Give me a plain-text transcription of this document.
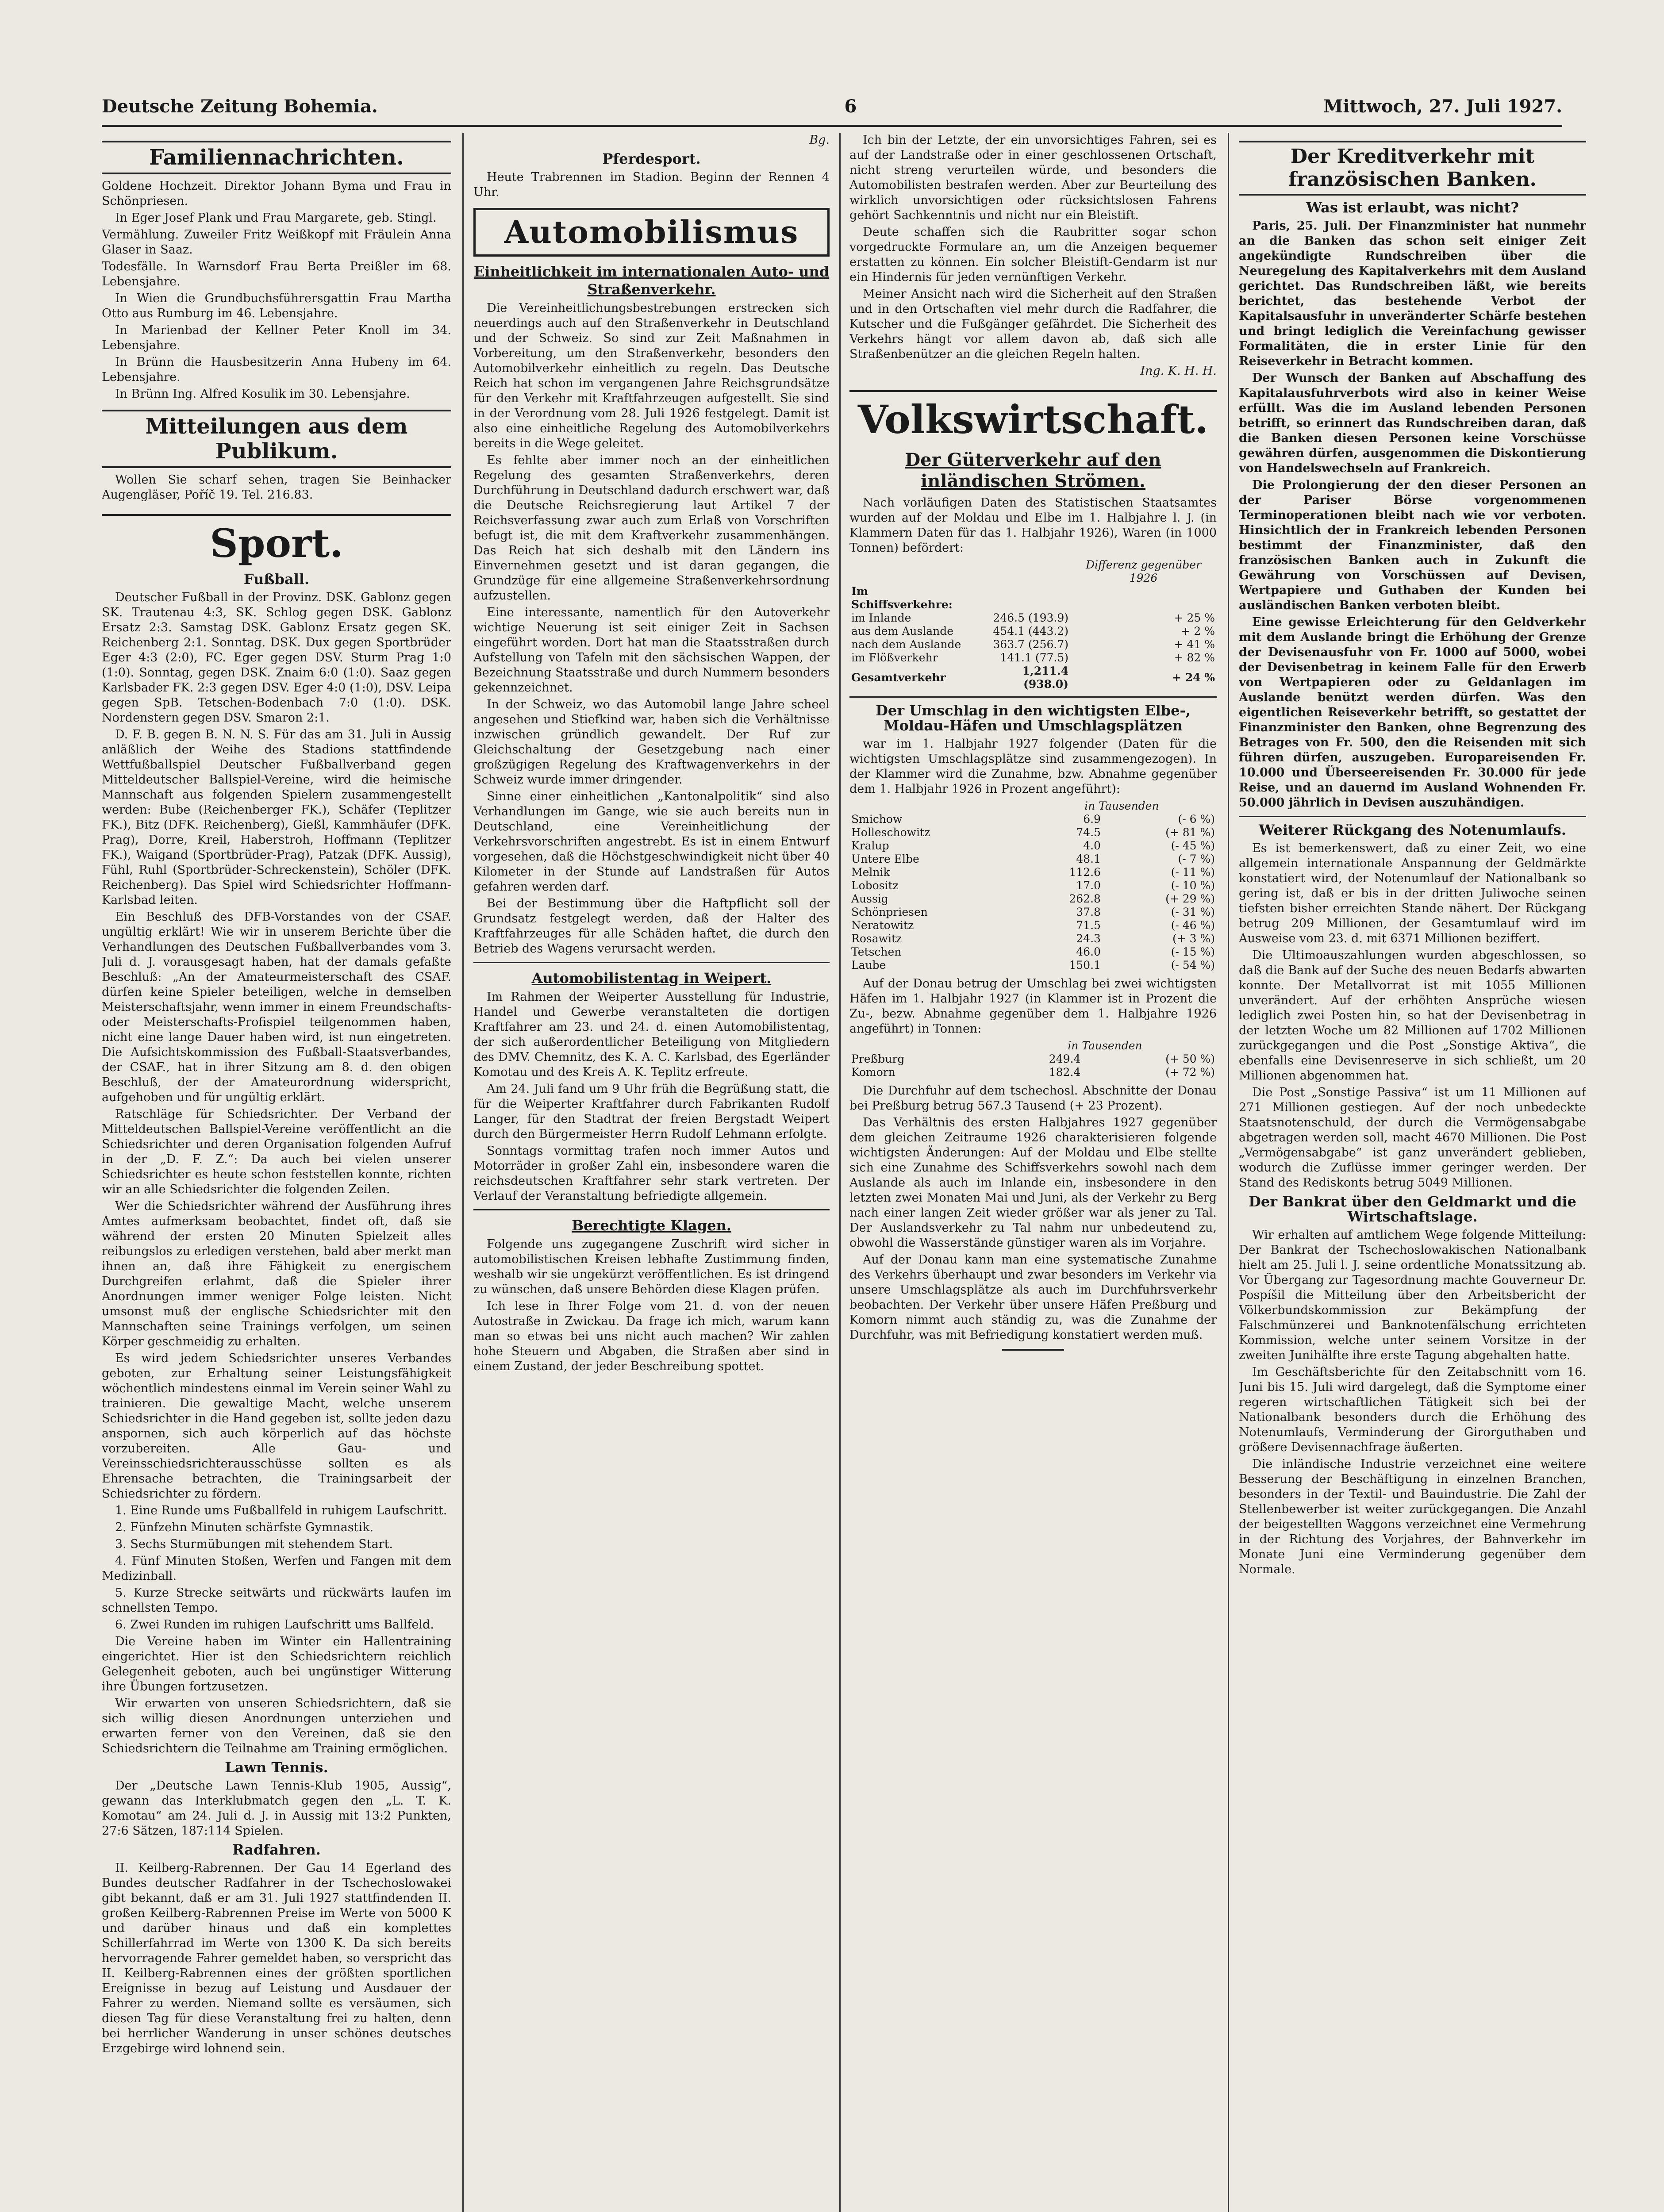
Deutsche Zeitung Bohemia.	6	Mittwoch, 27. Juli 1927.
Familiennachrichten.

Goldene Hochzeit. Direktor Johann Byma und Frau in Schönpriesen.

In Eger Josef Plank und Frau Margarete, geb. Stingl.

Vermählung. Zuweiler Fritz Weißkopf mit Fräulein Anna Glaser in Saaz.

Todesfälle. In Warnsdorf Frau Berta Preißler im 68. Lebensjahre.

In Wien die Grundbuchsführersgattin Frau Martha Otto aus Rumburg im 46. Lebensjahre.

In Marienbad der Kellner Peter Knoll im 34. Lebensjahre.

In Brünn die Hausbesitzerin Anna Hubeny im 64. Lebensjahre.

In Brünn Ing. Alfred Kosulik im 30. Lebensjahre.

Mitteilungen aus dem Publikum.

Wollen Sie scharf sehen, tragen Sie Beinhacker Augengläser, Poříč 19. Tel. 216.83.

Sport.
Fußball.

Deutscher Fußball in der Provinz. DSK. Gablonz gegen SK. Trautenau 4:3, SK. Schlog gegen DSK. Gablonz Ersatz 2:3. Samstag DSK. Gablonz Ersatz gegen SK. Reichenberg 2:1. Sonntag. DSK. Dux gegen Sportbrüder Eger 4:3 (2:0), FC. Eger gegen DSV. Sturm Prag 1:0 (1:0). Sonntag, gegen DSK. Znaim 6:0 (1:0). Saaz gegen Karlsbader FK. 2:3 gegen DSV. Eger 4:0 (1:0), DSV. Leipa gegen SpB. Tetschen-Bodenbach 7:0 (1:0). DSK. Nordenstern gegen DSV. Smaron 2:1.

D. F. B. gegen B. N. N. S. Für das am 31. Juli in Aussig anläßlich der Weihe des Stadions stattfindende Wettfußballspiel Deutscher Fußballverband gegen Mitteldeutscher Ballspiel-Vereine, wird die heimische Mannschaft aus folgenden Spielern zusammengestellt werden: Bube (Reichenberger FK.), Schäfer (Teplitzer FK.), Bitz (DFK. Reichenberg), Gießl, Kammhäufer (DFK. Prag), Dorre, Kreil, Haberstroh, Hoffmann (Teplitzer FK.), Waigand (Sportbrüder-Prag), Patzak (DFK. Aussig), Fühl, Ruhl (Sportbrüder-Schreckenstein), Schöler (DFK. Reichenberg). Das Spiel wird Schiedsrichter Hoffmann-Karlsbad leiten.

Ein Beschluß des DFB-Vorstandes von der CSAF. ungültig erklärt! Wie wir in unserem Berichte über die Verhandlungen des Deutschen Fußballverbandes vom 3. Juli d. J. vorausgesagt haben, hat der damals gefaßte Beschluß: „An der Amateurmeisterschaft des CSAF. dürfen keine Spieler beteiligen, welche in demselben Meisterschaftsjahr, wenn immer in einem Freundschafts- oder Meisterschafts-Profispiel teilgenommen haben, nicht eine lange Dauer haben wird, ist nun eingetreten. Die Aufsichtskommission des Fußball-Staatsverbandes, der CSAF., hat in ihrer Sitzung am 8. d. den obigen Beschluß, der der Amateurordnung widerspricht, aufgehoben und für ungültig erklärt.

Ratschläge für Schiedsrichter. Der Verband der Mitteldeutschen Ballspiel-Vereine veröffentlicht an die Schiedsrichter und deren Organisation folgenden Aufruf in der „D. F. Z.“: Da auch bei vielen unserer Schiedsrichter es heute schon feststellen konnte, richten wir an alle Schiedsrichter die folgenden Zeilen.

Wer die Schiedsrichter während der Ausführung ihres Amtes aufmerksam beobachtet, findet oft, daß sie während der ersten 20 Minuten Spielzeit alles reibungslos zu erledigen verstehen, bald aber merkt man ihnen an, daß ihre Fähigkeit zu energischem Durchgreifen erlahmt, daß die Spieler ihrer Anordnungen immer weniger Folge leisten. Nicht umsonst muß der englische Schiedsrichter mit den Mannschaften seine Trainings verfolgen, um seinen Körper geschmeidig zu erhalten.

Es wird jedem Schiedsrichter unseres Verbandes geboten, zur Erhaltung seiner Leistungsfähigkeit wöchentlich mindestens einmal im Verein seiner Wahl zu trainieren. Die gewaltige Macht, welche unserem Schiedsrichter in die Hand gegeben ist, sollte jeden dazu anspornen, sich auch körperlich auf das höchste vorzubereiten. Alle Gau- und Vereinsschiedsrichterausschüsse sollten es als Ehrensache betrachten, die Trainingsarbeit der Schiedsrichter zu fördern.

1. Eine Runde ums Fußballfeld in ruhigem Laufschritt.

2. Fünfzehn Minuten schärfste Gymnastik.

3. Sechs Sturmübungen mit stehendem Start.

4. Fünf Minuten Stoßen, Werfen und Fangen mit dem Medizinball.

5. Kurze Strecke seitwärts und rückwärts laufen im schnellsten Tempo.

6. Zwei Runden im ruhigen Laufschritt ums Ballfeld.

Die Vereine haben im Winter ein Hallentraining eingerichtet. Hier ist den Schiedsrichtern reichlich Gelegenheit geboten, auch bei ungünstiger Witterung ihre Übungen fortzusetzen.

Wir erwarten von unseren Schiedsrichtern, daß sie sich willig diesen Anordnungen unterziehen und erwarten ferner von den Vereinen, daß sie den Schiedsrichtern die Teilnahme am Training ermöglichen.

Lawn Tennis.

Der „Deutsche Lawn Tennis-Klub 1905, Aussig“, gewann das Interklubmatch gegen den „L. T. K. Komotau“ am 24. Juli d. J. in Aussig mit 13:2 Punkten, 27:6 Sätzen, 187:114 Spielen.

Radfahren.

II. Keilberg-Rabrennen. Der Gau 14 Egerland des Bundes deutscher Radfahrer in der Tschechoslowakei gibt bekannt, daß er am 31. Juli 1927 stattfindenden II. großen Keilberg-Rabrennen Preise im Werte von 5000 K und darüber hinaus und daß ein komplettes Schillerfahrrad im Werte von 1300 K. Da sich bereits hervorragende Fahrer gemeldet haben, so verspricht das II. Keilberg-Rabrennen eines der größten sportlichen Ereignisse in bezug auf Leistung und Ausdauer der Fahrer zu werden. Niemand sollte es versäumen, sich diesen Tag für diese Veranstaltung frei zu halten, denn bei herrlicher Wanderung in unser schönes deutsches Erzgebirge wird lohnend sein.

Bg.

Pferdesport.

Heute Trabrennen im Stadion. Beginn der Rennen 4 Uhr.

Automobilismus
Einheitlichkeit im internationalen Auto- und Straßenverkehr.

Die Vereinheitlichungsbestrebungen erstrecken sich neuerdings auch auf den Straßenverkehr in Deutschland und der Schweiz. So sind zur Zeit Maßnahmen in Vorbereitung, um den Straßenverkehr, besonders den Automobilverkehr einheitlich zu regeln. Das Deutsche Reich hat schon im vergangenen Jahre Reichsgrundsätze für den Verkehr mit Kraftfahrzeugen aufgestellt. Sie sind in der Verordnung vom 28. Juli 1926 festgelegt. Damit ist also eine einheitliche Regelung des Automobilverkehrs bereits in die Wege geleitet.

Es fehlte aber immer noch an der einheitlichen Regelung des gesamten Straßenverkehrs, deren Durchführung in Deutschland dadurch erschwert war, daß die Deutsche Reichsregierung laut Artikel 7 der Reichsverfassung zwar auch zum Erlaß von Vorschriften befugt ist, die mit dem Kraftverkehr zusammenhängen. Das Reich hat sich deshalb mit den Ländern ins Einvernehmen gesetzt und ist daran gegangen, die Grundzüge für eine allgemeine Straßenverkehrsordnung aufzustellen.

Eine interessante, namentlich für den Autoverkehr wichtige Neuerung ist seit einiger Zeit in Sachsen eingeführt worden. Dort hat man die Staatsstraßen durch Aufstellung von Tafeln mit den sächsischen Wappen, der Bezeichnung Staatsstraße und durch Nummern besonders gekennzeichnet.

In der Schweiz, wo das Automobil lange Jahre scheel angesehen und Stiefkind war, haben sich die Verhältnisse inzwischen gründlich gewandelt. Der Ruf zur Gleichschaltung der Gesetzgebung nach einer großzügigen Regelung des Kraftwagenverkehrs in der Schweiz wurde immer dringender.

Sinne einer einheitlichen „Kantonalpolitik“ sind also Verhandlungen im Gange, wie sie auch bereits nun in Deutschland, eine Vereinheitlichung der Verkehrsvorschriften angestrebt. Es ist in einem Entwurf vorgesehen, daß die Höchstgeschwindigkeit nicht über 40 Kilometer in der Stunde auf Landstraßen für Autos gefahren werden darf.

Bei der Bestimmung über die Haftpflicht soll der Grundsatz festgelegt werden, daß der Halter des Kraftfahrzeuges für alle Schäden haftet, die durch den Betrieb des Wagens verursacht werden.

Automobilistentag in Weipert.

Im Rahmen der Weiperter Ausstellung für Industrie, Handel und Gewerbe veranstalteten die dortigen Kraftfahrer am 23. und 24. d. einen Automobilistentag, der sich außerordentlicher Beteiligung von Mitgliedern des DMV. Chemnitz, des K. A. C. Karlsbad, des Egerländer Komotau und des Kreis A. K. Teplitz erfreute.

Am 24. Juli fand um 9 Uhr früh die Begrüßung statt, die für die Weiperter Kraftfahrer durch Fabrikanten Rudolf Langer, für den Stadtrat der freien Bergstadt Weipert durch den Bürgermeister Herrn Rudolf Lehmann erfolgte.

Sonntags vormittag trafen noch immer Autos und Motorräder in großer Zahl ein, insbesondere waren die reichsdeutschen Kraftfahrer sehr stark vertreten. Der Verlauf der Veranstaltung befriedigte allgemein.

Berechtigte Klagen.

Folgende uns zugegangene Zuschrift wird sicher in automobilistischen Kreisen lebhafte Zustimmung finden, weshalb wir sie ungekürzt veröffentlichen. Es ist dringend zu wünschen, daß unsere Behörden diese Klagen prüfen.

Ich lese in Ihrer Folge vom 21. d. von der neuen Autostraße in Zwickau. Da frage ich mich, warum kann man so etwas bei uns nicht auch machen? Wir zahlen hohe Steuern und Abgaben, die Straßen aber sind in einem Zustand, der jeder Beschreibung spottet.

Ich bin der Letzte, der ein unvorsichtiges Fahren, sei es auf der Landstraße oder in einer geschlossenen Ortschaft, nicht streng verurteilen würde, und besonders die Automobilisten bestrafen werden. Aber zur Beurteilung des wirklich unvorsichtigen oder rücksichtslosen Fahrens gehört Sachkenntnis und nicht nur ein Bleistift.

Deute schaffen sich die Raubritter sogar schon vorgedruckte Formulare an, um die Anzeigen bequemer erstatten zu können. Ein solcher Bleistift-Gendarm ist nur ein Hindernis für jeden vernünftigen Verkehr.

Meiner Ansicht nach wird die Sicherheit auf den Straßen und in den Ortschaften viel mehr durch die Radfahrer, die Kutscher und die Fußgänger gefährdet. Die Sicherheit des Verkehrs hängt vor allem davon ab, daß sich alle Straßenbenützer an die gleichen Regeln halten.

Ing. K. H. H.

Volkswirtschaft.
Der Güterverkehr auf den inländischen Strömen.

Nach vorläufigen Daten des Statistischen Staatsamtes wurden auf der Moldau und Elbe im 1. Halbjahre l. J. (in Klammern Daten für das 1. Halbjahr 1926), Waren (in 1000 Tonnen) befördert:

		Differenz gegenüber 1926
Im Schiffsverkehre:		
im Inlande	246.5 (193.9)	+ 25 %
aus dem Auslande	454.1 (443.2)	+ 2 %
nach dem Auslande	363.7 (256.7)	+ 41 %
im Flößverkehr	141.1 (77.5)	+ 82 %
Gesamtverkehr	1,211.4 (938.0)	+ 24 %
Der Umschlag in den wichtigsten Elbe-, Moldau-Häfen und Umschlagsplätzen

war im 1. Halbjahr 1927 folgender (Daten für die wichtigsten Umschlagsplätze sind zusammengezogen). In der Klammer wird die Zunahme, bzw. Abnahme gegenüber dem 1. Halbjahr 1926 in Prozent angeführt):

	in Tausenden	
Smichow	6.9	(- 6 %)
Holleschowitz	74.5	(+ 81 %)
Kralup	4.0	(- 45 %)
Untere Elbe	48.1	(- 7 %)
Melnik	112.6	(- 11 %)
Lobositz	17.0	(- 10 %)
Aussig	262.8	(+ 29 %)
Schönpriesen	37.8	(- 31 %)
Neratowitz	71.5	(- 46 %)
Rosawitz	24.3	(+ 3 %)
Tetschen	46.0	(- 15 %)
Laube	150.1	(- 54 %)

Auf der Donau betrug der Umschlag bei zwei wichtigsten Häfen im 1. Halbjahr 1927 (in Klammer ist in Prozent die Zu-, bezw. Abnahme gegenüber dem 1. Halbjahre 1926 angeführt) in Tonnen:

	in Tausenden	
Preßburg	249.4	(+ 50 %)
Komorn	182.4	(+ 72 %)

Die Durchfuhr auf dem tschechosl. Abschnitte der Donau bei Preßburg betrug 567.3 Tausend (+ 23 Prozent).

Das Verhältnis des ersten Halbjahres 1927 gegenüber dem gleichen Zeitraume 1926 charakterisieren folgende wichtigsten Änderungen: Auf der Moldau und Elbe stellte sich eine Zunahme des Schiffsverkehrs sowohl nach dem Auslande als auch im Inlande ein, insbesondere in den letzten zwei Monaten Mai und Juni, als der Verkehr zu Berg nach einer langen Zeit wieder größer war als jener zu Tal. Der Auslandsverkehr zu Tal nahm nur unbedeutend zu, obwohl die Wasserstände günstiger waren als im Vorjahre.

Auf der Donau kann man eine systematische Zunahme des Verkehrs überhaupt und zwar besonders im Verkehr via unsere Umschlagsplätze als auch im Durchfuhrsverkehr beobachten. Der Verkehr über unsere Häfen Preßburg und Komorn nimmt auch ständig zu, was die Zunahme der Durchfuhr, was mit Befriedigung konstatiert werden muß.

Der Kreditverkehr mit französischen Banken.
Was ist erlaubt, was nicht?

Paris, 25. Juli. Der Finanzminister hat nunmehr an die Banken das schon seit einiger Zeit angekündigte Rundschreiben über die Neuregelung des Kapitalverkehrs mit dem Ausland gerichtet. Das Rundschreiben läßt, wie bereits berichtet, das bestehende Verbot der Kapitalsausfuhr in unveränderter Schärfe bestehen und bringt lediglich die Vereinfachung gewisser Formalitäten, die in erster Linie für den Reiseverkehr in Betracht kommen.

Der Wunsch der Banken auf Abschaffung des Kapitalausfuhrverbots wird also in keiner Weise erfüllt. Was die im Ausland lebenden Personen betrifft, so erinnert das Rundschreiben daran, daß die Banken diesen Personen keine Vorschüsse gewähren dürfen, ausgenommen die Diskontierung von Handelswechseln auf Frankreich.

Die Prolongierung der den dieser Personen an der Pariser Börse vorgenommenen Terminoperationen bleibt nach wie vor verboten. Hinsichtlich der in Frankreich lebenden Personen bestimmt der Finanzminister, daß den französischen Banken auch in Zukunft die Gewährung von Vorschüssen auf Devisen, Wertpapiere und Guthaben der Kunden bei ausländischen Banken verboten bleibt.

Eine gewisse Erleichterung für den Geldverkehr mit dem Auslande bringt die Erhöhung der Grenze der Devisenausfuhr von Fr. 1000 auf 5000, wobei der Devisenbetrag in keinem Falle für den Erwerb von Wertpapieren oder zu Geldanlagen im Auslande benützt werden dürfen. Was den eigentlichen Reiseverkehr betrifft, so gestattet der Finanzminister den Banken, ohne Begrenzung des Betrages von Fr. 500, den die Reisenden mit sich führen dürfen, auszugeben. Europareisenden Fr. 10.000 und Überseereisenden Fr. 30.000 für jede Reise, und an dauernd im Ausland Wohnenden Fr. 50.000 jährlich in Devisen auszuhändigen.

Weiterer Rückgang des Notenumlaufs.

Es ist bemerkenswert, daß zu einer Zeit, wo eine allgemein internationale Anspannung der Geldmärkte konstatiert wird, der Notenumlauf der Nationalbank so gering ist, daß er bis in der dritten Juliwoche seinen tiefsten bisher erreichten Stande nähert. Der Rückgang betrug 209 Millionen, der Gesamtumlauf wird im Ausweise vom 23. d. mit 6371 Millionen beziffert.

Die Ultimoauszahlungen wurden abgeschlossen, so daß die Bank auf der Suche des neuen Bedarfs abwarten konnte. Der Metallvorrat ist mit 1055 Millionen unverändert. Auf der erhöhten Ansprüche wiesen lediglich zwei Posten hin, so hat der Devisenbetrag in der letzten Woche um 82 Millionen auf 1702 Millionen zurückgegangen und die Post „Sonstige Aktiva“, die ebenfalls eine Devisenreserve in sich schließt, um 20 Millionen abgenommen hat.

Die Post „Sonstige Passiva“ ist um 11 Millionen auf 271 Millionen gestiegen. Auf der noch unbedeckte Staatsnotenschuld, der durch die Vermögensabgabe abgetragen werden soll, macht 4670 Millionen. Die Post „Vermögensabgabe“ ist ganz unverändert geblieben, wodurch die Zuflüsse immer geringer werden. Der Stand des Rediskonts betrug 5049 Millionen.

Der Bankrat über den Geldmarkt und die Wirtschaftslage.

Wir erhalten auf amtlichem Wege folgende Mitteilung: Der Bankrat der Tschechoslowakischen Nationalbank hielt am 25. Juli l. J. seine ordentliche Monatssitzung ab. Vor Übergang zur Tagesordnung machte Gouverneur Dr. Pospíšil die Mitteilung über den Arbeitsbericht der Völkerbundskommission zur Bekämpfung der Falschmünzerei und Banknotenfälschung errichteten Kommission, welche unter seinem Vorsitze in der zweiten Junihälfte ihre erste Tagung abgehalten hatte.

Im Geschäftsberichte für den Zeitabschnitt vom 16. Juni bis 15. Juli wird dargelegt, daß die Symptome einer regeren wirtschaftlichen Tätigkeit sich bei der Nationalbank besonders durch die Erhöhung des Notenumlaufs, Verminderung der Girorguthaben und größere Devisennachfrage äußerten.

Die inländische Industrie verzeichnet eine weitere Besserung der Beschäftigung in einzelnen Branchen, besonders in der Textil- und Bauindustrie. Die Zahl der Stellenbewerber ist weiter zurückgegangen. Die Anzahl der beigestellten Waggons verzeichnet eine Vermehrung in der Richtung des Vorjahres, der Bahnverkehr im Monate Juni eine Verminderung gegenüber dem Normale.
